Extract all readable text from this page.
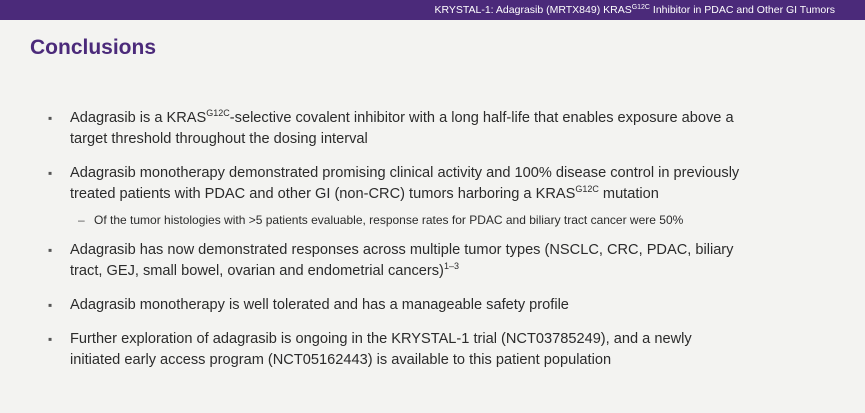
KRYSTAL-1: Adagrasib (MRTX849) $KRAS^{G12C}$ Inhibitor in PDAC and Other GI Tumors
Conclusions
▪ Adagrasib is a $KRAS^{G12C}$-selective covalent inhibitor with a long half-life that enables exposure above a
target threshold throughout the dosing interval
▪ Adagrasib monotherapy demonstrated promising clinical activity and 100% disease control in previously
treated patients with PDAC and other GI (non-CRC) tumors harboring a $KRAS^{G12C}$ mutation
– Of the tumor histologies with >5 patients evaluable, response rates for PDAC and biliary tract cancer were 50%
▪ Adagrasib has now demonstrated responses across multiple tumor types (NSCLC, CRC, PDAC, biliary
tract, GEJ, small bowel, ovarian and endometrial cancers)$^{1-3}$
▪ Adagrasib monotherapy is well tolerated and has a manageable safety profile
▪ Further exploration of adagrasib is ongoing in the KRYSTAL-1 trial (NCT03785249), and a newly
initiated early access program (NCT05162443) is available to this patient population
